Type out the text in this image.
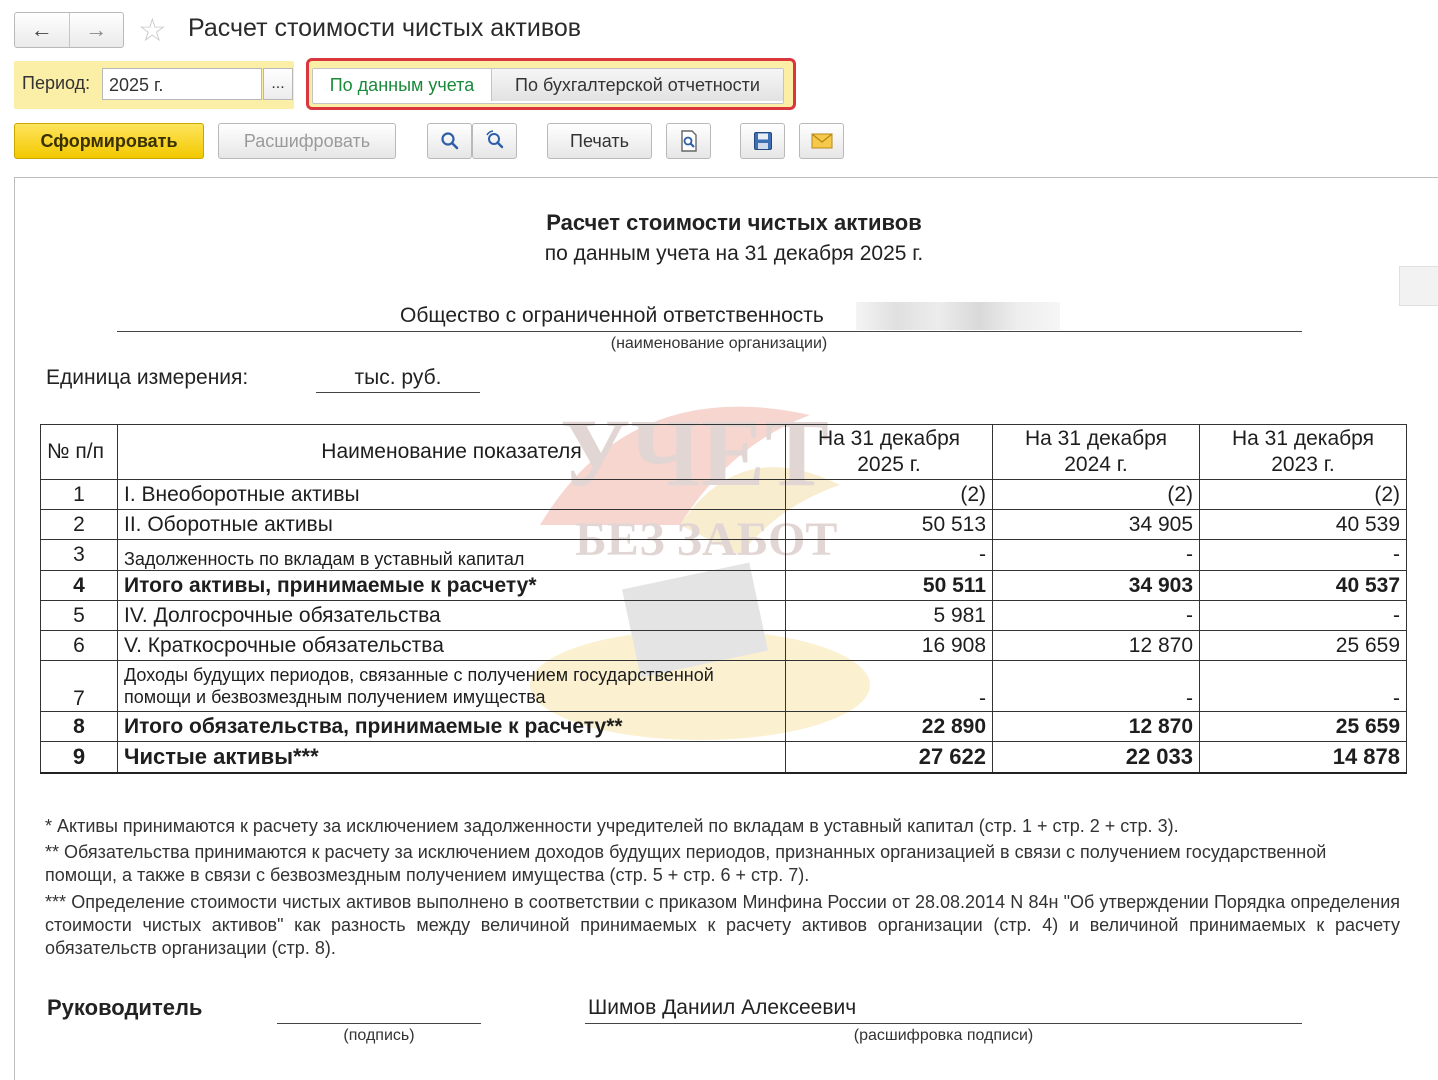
←	→ ☆ Расчет стоимости чистых активов
Период:	2025 г.	...	По данным учета	По бухгалтерской отчетности
Сформировать	Расшифровать	Печать
УЧЕТ
БЕЗ ЗАБОТ
Расчет стоимости чистых активов
по данным учета на 31 декабря 2025 г.
Общество с ограниченной ответственность
(наименование организации)
Единица измерения:	тыс. руб.
№ п/п	Наименование показателя	На 31 декабря 2025 г.	На 31 декабря 2024 г.	На 31 декабря 2023 г.
1	I. Внеоборотные активы	(2)	(2)	(2)
2	II. Оборотные активы	50 513	34 905	40 539
3	Задолженность по вкладам в уставный капитал	-	-	-
4	Итого активы, принимаемые к расчету*	50 511	34 903	40 537
5	IV. Долгосрочные обязательства	5 981	-	-
6	V. Краткосрочные обязательства	16 908	12 870	25 659
7	Доходы будущих периодов, связанные с получением государственной помощи и безвозмездным получением имущества	-	-	-
8	Итого обязательства, принимаемые к расчету**	22 890	12 870	25 659
9	Чистые активы***	27 622	22 033	14 878
* Активы принимаются к расчету за исключением задолженности учредителей по вкладам в уставный капитал (стр. 1 + стр. 2 + стр. 3).
** Обязательства принимаются к расчету за исключением доходов будущих периодов, признанных организацией в связи с получением государственной помощи, а также в связи с безвозмездным получением имущества (стр. 5 + стр. 6 + стр. 7).
*** Определение стоимости чистых активов выполнено в соответствии с приказом Минфина России от 28.08.2014 N 84н "Об утверждении Порядка определения стоимости чистых активов" как разность между величиной принимаемых к расчету активов организации (стр. 4) и величиной принимаемых к расчету обязательств организации (стр. 8).
Руководитель
(подпись)
Шимов Даниил Алексеевич
(расшифровка подписи)
